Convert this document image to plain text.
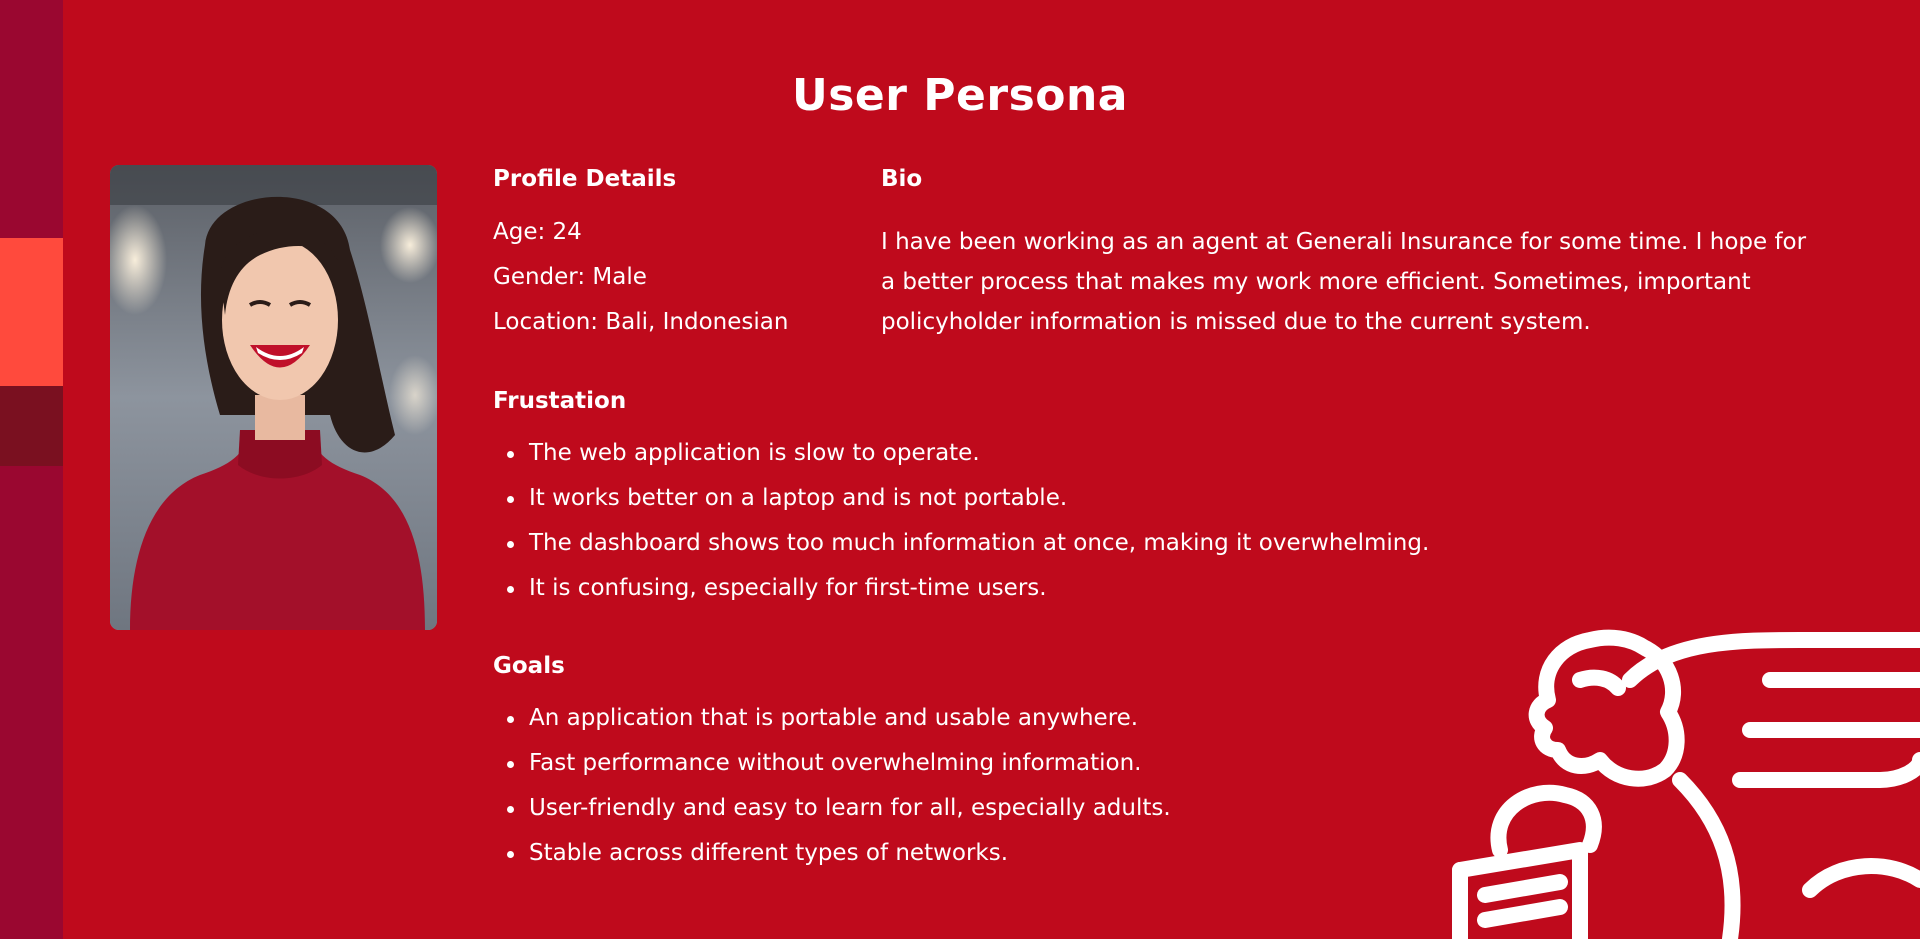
User Persona
Profile Details

Age: 24

Gender: Male

Location: Bali, Indonesian

Bio

I have been working as an agent at Generali Insurance for some time. I hope for a better process that makes my work more efficient. Sometimes, important policyholder information is missed due to the current system.

Frustation
The web application is slow to operate.
It works better on a laptop and is not portable.
The dashboard shows too much information at once, making it overwhelming.
It is confusing, especially for first-time users.
Goals
An application that is portable and usable anywhere.
Fast performance without overwhelming information.
User-friendly and easy to learn for all, especially adults.
Stable across different types of networks.
